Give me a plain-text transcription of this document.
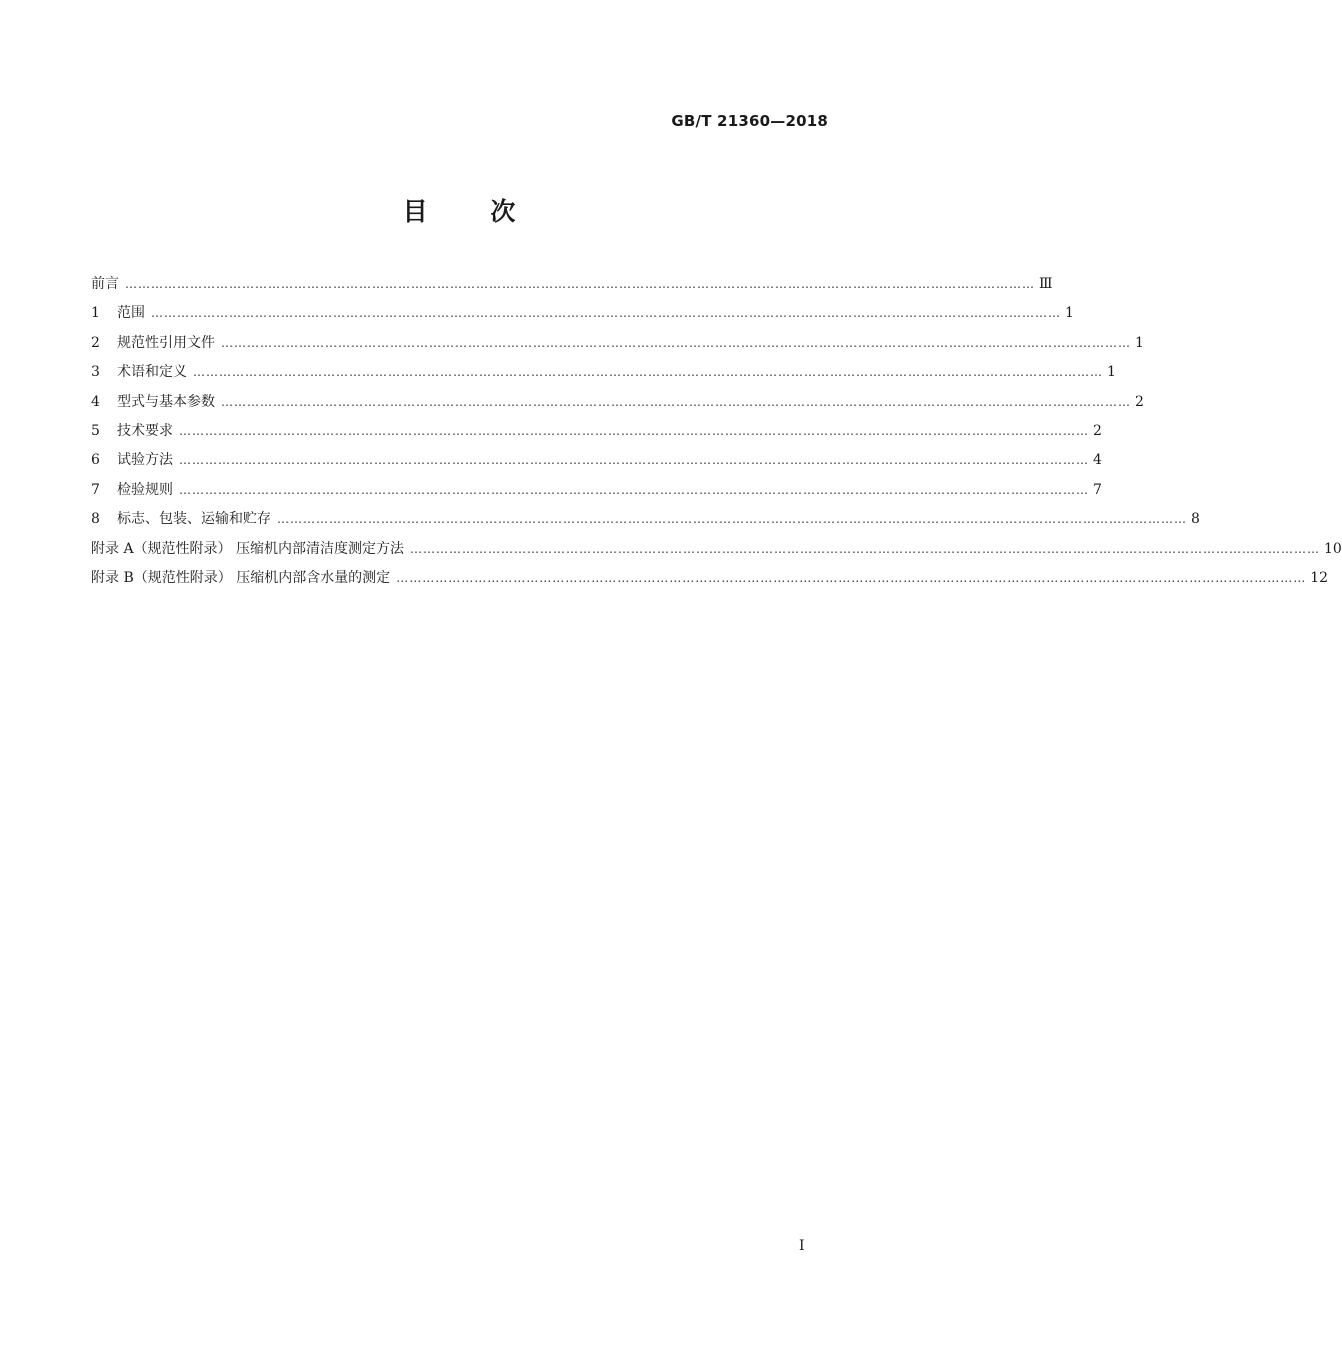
GB/T 21360—2018
目 次
前言 ………………………………………………………………………………………………………………………………………………………………………………………… Ⅲ
1	范围 ………………………………………………………………………………………………………………………………………………………………………………………… 1
2	规范性引用文件 ………………………………………………………………………………………………………………………………………………………………………………………… 1
3	术语和定义 ………………………………………………………………………………………………………………………………………………………………………………………… 1
4	型式与基本参数 ………………………………………………………………………………………………………………………………………………………………………………………… 2
5	技术要求 ………………………………………………………………………………………………………………………………………………………………………………………… 2
6	试验方法 ………………………………………………………………………………………………………………………………………………………………………………………… 4
7	检验规则 ………………………………………………………………………………………………………………………………………………………………………………………… 7
8	标志、包装、运输和贮存 ………………………………………………………………………………………………………………………………………………………………………………………… 8
附录 A（规范性附录） 压缩机内部清洁度测定方法 ………………………………………………………………………………………………………………………………………………………………………………………… 10
附录 B（规范性附录） 压缩机内部含水量的测定 ………………………………………………………………………………………………………………………………………………………………………………………… 12
I
